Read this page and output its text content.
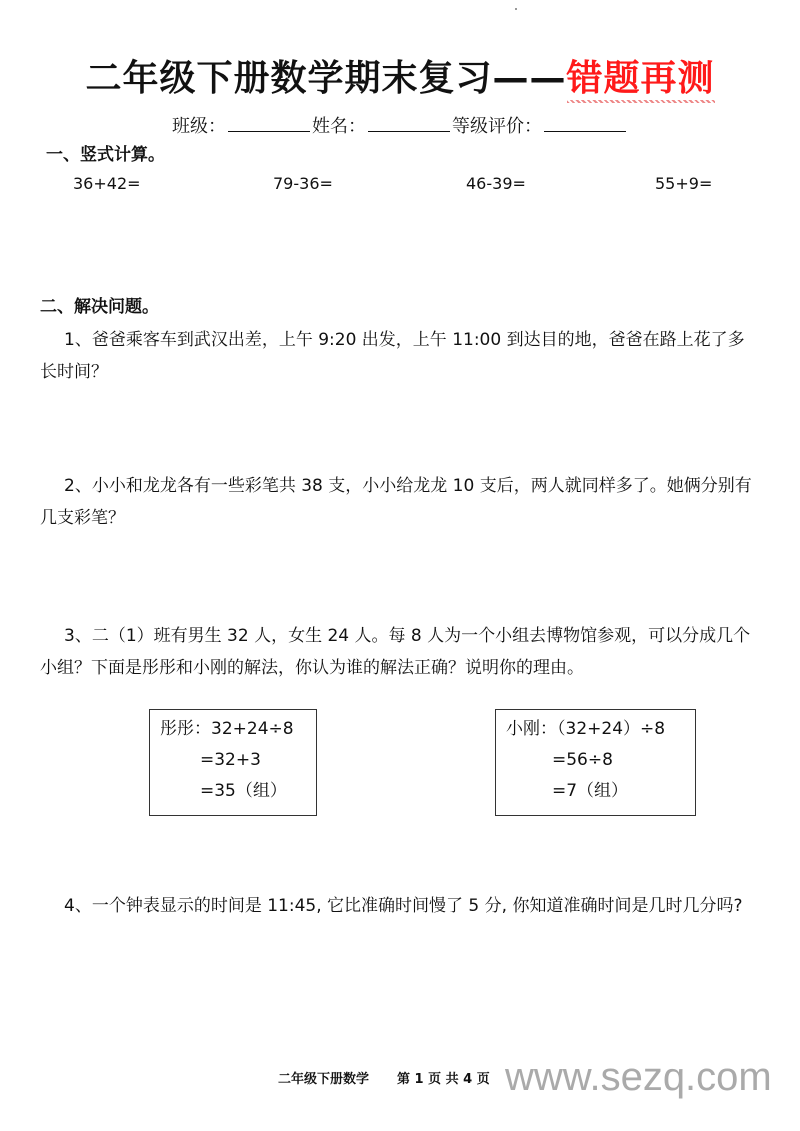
二年级下册数学期末复习——错题再测
班级：	姓名：	等级评价：
一、竖式计算。
36+42=	79-36=	46-39=	55+9=
二、解决问题。
1、爸爸乘客车到武汉出差，上午 9:20 出发，上午 11:00 到达目的地，爸爸在路上花了多长时间？
2、小小和龙龙各有一些彩笔共 38 支，小小给龙龙 10 支后，两人就同样多了。她俩分别有几支彩笔？
3、二（1）班有男生 32 人，女生 24 人。每 8 人为一个小组去博物馆参观，可以分成几个小组？下面是彤彤和小刚的解法，你认为谁的解法正确？说明你的理由。
彤彤：32+24÷8
=32+3
=35（组）
小刚：（32+24）÷8
=56÷8
=7（组）
4、一个钟表显示的时间是 11:45, 它比准确时间慢了 5 分, 你知道准确时间是几时几分吗?
二年级下册数学 第 1 页 共 4 页 www.sezq.com
